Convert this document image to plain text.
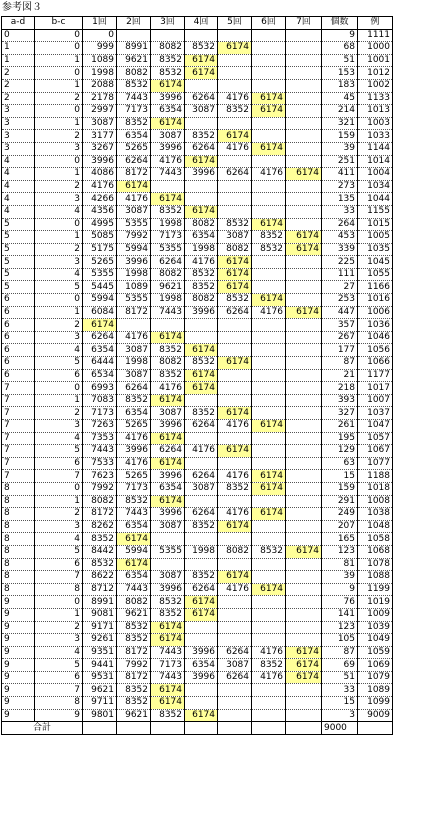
参考図３
a-d	b-c	1回	2回	3回	4回	5回	6回	7回	個数	例
0	0	0							9	1111
1	0	999	8991	8082	8532	6174			68	1000
1	1	1089	9621	8352	6174				51	1001
2	0	1998	8082	8532	6174				153	1012
2	1	2088	8532	6174					183	1002
2	2	2178	7443	3996	6264	4176	6174		45	1133
3	0	2997	7173	6354	3087	8352	6174		214	1013
3	1	3087	8352	6174					321	1003
3	2	3177	6354	3087	8352	6174			159	1033
3	3	3267	5265	3996	6264	4176	6174		39	1144
4	0	3996	6264	4176	6174				251	1014
4	1	4086	8172	7443	3996	6264	4176	6174	411	1004
4	2	4176	6174						273	1034
4	3	4266	4176	6174					135	1044
4	4	4356	3087	8352	6174				33	1155
5	0	4995	5355	1998	8082	8532	6174		264	1015
5	1	5085	7992	7173	6354	3087	8352	6174	453	1005
5	2	5175	5994	5355	1998	8082	8532	6174	339	1035
5	3	5265	3996	6264	4176	6174			225	1045
5	4	5355	1998	8082	8532	6174			111	1055
5	5	5445	1089	9621	8352	6174			27	1166
6	0	5994	5355	1998	8082	8532	6174		253	1016
6	1	6084	8172	7443	3996	6264	4176	6174	447	1006
6	2	6174							357	1036
6	3	6264	4176	6174					267	1046
6	4	6354	3087	8352	6174				177	1056
6	5	6444	1998	8082	8532	6174			87	1066
6	6	6534	3087	8352	6174				21	1177
7	0	6993	6264	4176	6174				218	1017
7	1	7083	8352	6174					393	1007
7	2	7173	6354	3087	8352	6174			327	1037
7	3	7263	5265	3996	6264	4176	6174		261	1047
7	4	7353	4176	6174					195	1057
7	5	7443	3996	6264	4176	6174			129	1067
7	6	7533	4176	6174					63	1077
7	7	7623	5265	3996	6264	4176	6174		15	1188
8	0	7992	7173	6354	3087	8352	6174		159	1018
8	1	8082	8532	6174					291	1008
8	2	8172	7443	3996	6264	4176	6174		249	1038
8	3	8262	6354	3087	8352	6174			207	1048
8	4	8352	6174						165	1058
8	5	8442	5994	5355	1998	8082	8532	6174	123	1068
8	6	8532	6174						81	1078
8	7	8622	6354	3087	8352	6174			39	1088
8	8	8712	7443	3996	6264	4176	6174		9	1199
9	0	8991	8082	8532	6174				76	1019
9	1	9081	9621	8352	6174				141	1009
9	2	9171	8532	6174					123	1039
9	3	9261	8352	6174					105	1049
9	4	9351	8172	7443	3996	6264	4176	6174	87	1059
9	5	9441	7992	7173	6354	3087	8352	6174	69	1069
9	6	9531	8172	7443	3996	6264	4176	6174	51	1079
9	7	9621	8352	6174					33	1089
9	8	9711	8352	6174					15	1099
9	9	9801	9621	8352	6174				3	9009
合計									9000	
